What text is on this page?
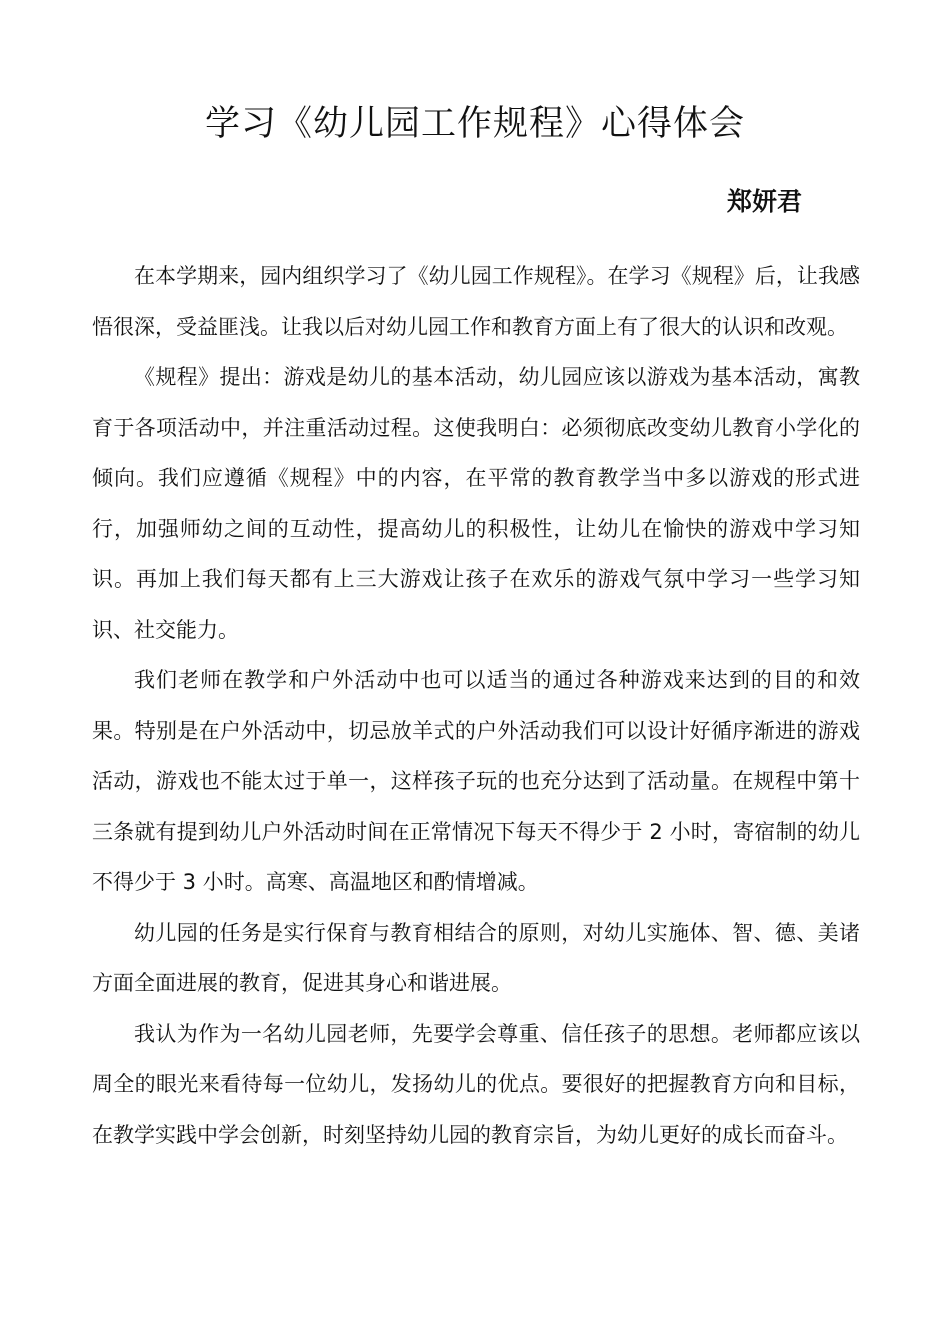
学习《幼儿园工作规程》心得体会

郑妍君

在本学期来，园内组织学习了《幼儿园工作规程》。在学习《规程》后，让我感悟很深，受益匪浅。让我以后对幼儿园工作和教育方面上有了很大的认识和改观。

《规程》提出：游戏是幼儿的基本活动，幼儿园应该以游戏为基本活动，寓教育于各项活动中，并注重活动过程。这使我明白：必须彻底改变幼儿教育小学化的倾向。我们应遵循《规程》中的内容，在平常的教育教学当中多以游戏的形式进行，加强师幼之间的互动性，提高幼儿的积极性，让幼儿在愉快的游戏中学习知识。再加上我们每天都有上三大游戏让孩子在欢乐的游戏气氛中学习一些学习知识、社交能力。

我们老师在教学和户外活动中也可以适当的通过各种游戏来达到的目的和效果。特别是在户外活动中，切忌放羊式的户外活动我们可以设计好循序渐进的游戏活动，游戏也不能太过于单一，这样孩子玩的也充分达到了活动量。在规程中第十三条就有提到幼儿户外活动时间在正常情况下每天不得少于 2 小时，寄宿制的幼儿不得少于 3 小时。高寒、高温地区和酌情增减。

幼儿园的任务是实行保育与教育相结合的原则，对幼儿实施体、智、德、美诸方面全面进展的教育，促进其身心和谐进展。

我认为作为一名幼儿园老师，先要学会尊重、信任孩子的思想。老师都应该以周全的眼光来看待每一位幼儿，发扬幼儿的优点。要很好的把握教育方向和目标，在教学实践中学会创新，时刻坚持幼儿园的教育宗旨，为幼儿更好的成长而奋斗。
